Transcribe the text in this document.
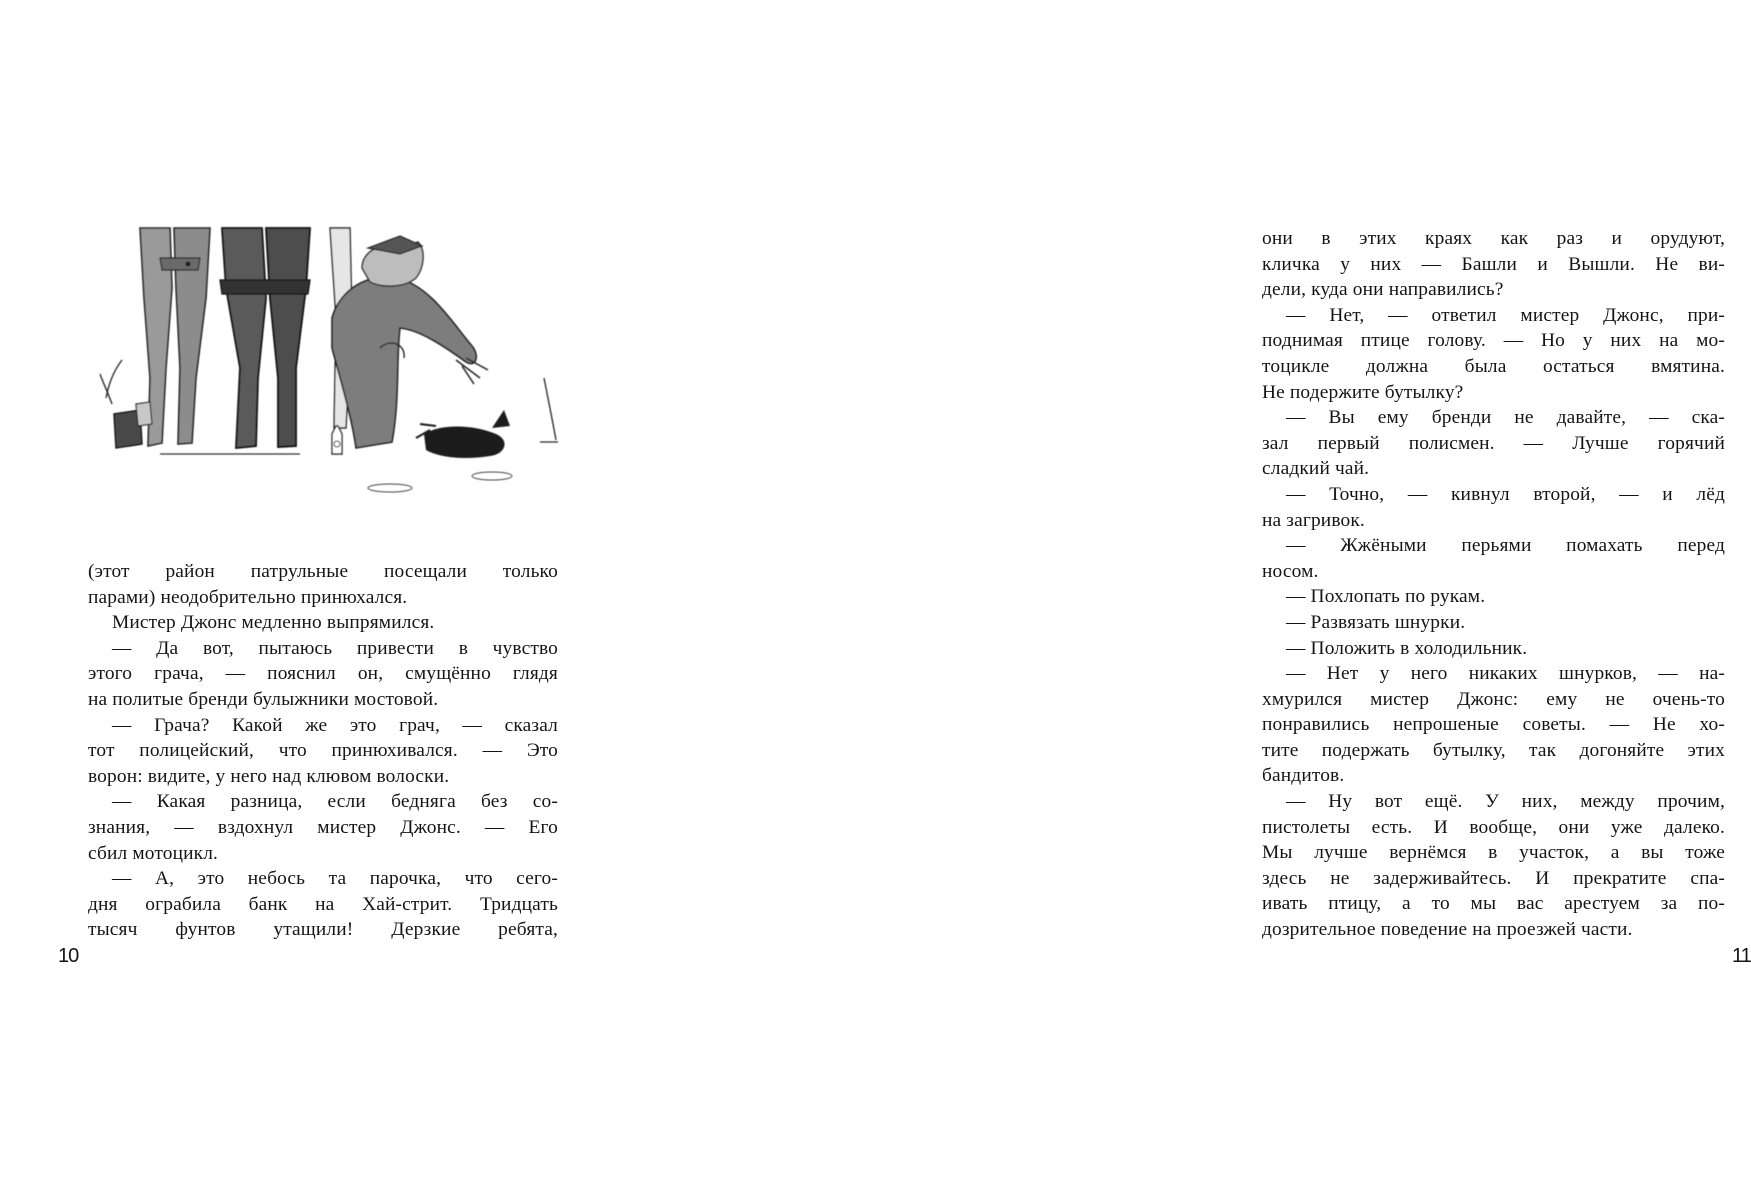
(этот район патрульные посещали только
парами) неодобрительно принюхался.
Мистер Джонс медленно выпрямился.
— Да вот, пытаюсь привести в чувство
этого грача, — пояснил он, смущённо глядя
на политые бренди булыжники мостовой.
— Грача? Какой же это грач, — сказал
тот полицейский, что принюхивался. — Это
ворон: видите, у него над клювом волоски.
— Какая разница, если бедняга без со-
знания, — вздохнул мистер Джонс. — Его
сбил мотоцикл.
— А, это небось та парочка, что сего-
дня ограбила банк на Хай-стрит. Тридцать
тысяч фунтов утащили! Дерзкие ребята,
10
они в этих краях как раз и орудуют,
кличка у них — Башли и Вышли. Не ви-
дели, куда они направились?
— Нет, — ответил мистер Джонс, при-
поднимая птице голову. — Но у них на мо-
тоцикле должна была остаться вмятина.
Не подержите бутылку?
— Вы ему бренди не давайте, — ска-
зал первый полисмен. — Лучше горячий
сладкий чай.
— Точно, — кивнул второй, — и лёд
на загривок.
— Жжёными перьями помахать перед
носом.
— Похлопать по рукам.
— Развязать шнурки.
— Положить в холодильник.
— Нет у него никаких шнурков, — на-
хмурился мистер Джонс: ему не очень-то
понравились непрошеные советы. — Не хо-
тите подержать бутылку, так догоняйте этих
бандитов.
— Ну вот ещё. У них, между прочим,
пистолеты есть. И вообще, они уже далеко.
Мы лучше вернёмся в участок, а вы тоже
здесь не задерживайтесь. И прекратите спа-
ивать птицу, а то мы вас арестуем за по-
дозрительное поведение на проезжей части.
11
